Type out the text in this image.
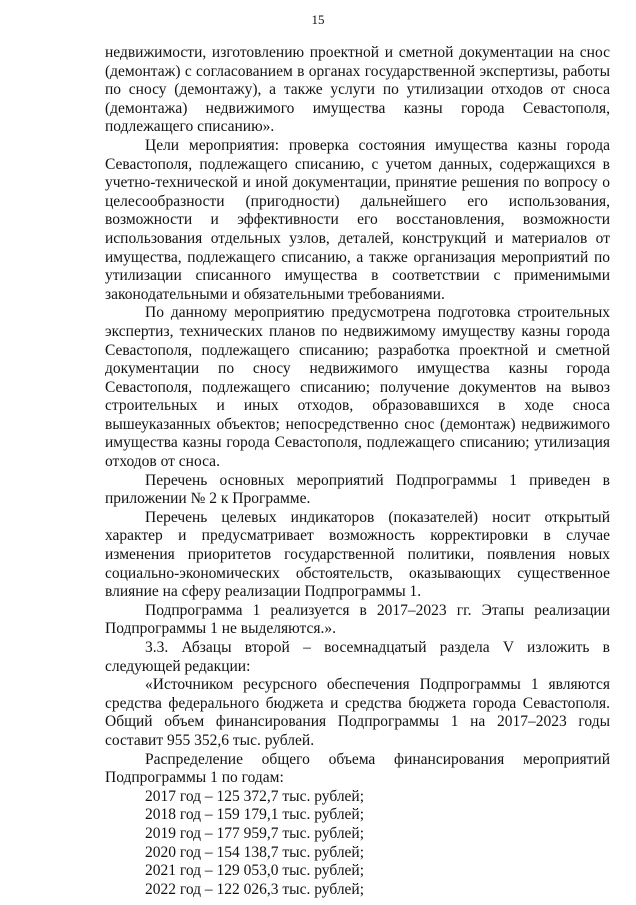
15

недвижимости, изготовлению проектной и сметной документации на снос (демонтаж) с согласованием в органах государственной экспертизы, работы по сносу (демонтажу), а также услуги по утилизации отходов от сноса (демонтажа) недвижимого имущества казны города Севастополя, подлежащего списанию».

Цели мероприятия: проверка состояния имущества казны города Севастополя, подлежащего списанию, с учетом данных, содержащихся в учетно-технической и иной документации, принятие решения по вопросу о целесообразности (пригодности) дальнейшего его использования, возможности и эффективности его восстановления, возможности использования отдельных узлов, деталей, конструкций и материалов от имущества, подлежащего списанию, а также организация мероприятий по утилизации списанного имущества в соответствии с применимыми законодательными и обязательными требованиями.

По данному мероприятию предусмотрена подготовка строительных экспертиз, технических планов по недвижимому имуществу казны города Севастополя, подлежащего списанию; разработка проектной и сметной документации по сносу недвижимого имущества казны города Севастополя, подлежащего списанию; получение документов на вывоз строительных и иных отходов, образовавшихся в ходе сноса вышеуказанных объектов; непосредственно снос (демонтаж) недвижимого имущества казны города Севастополя, подлежащего списанию; утилизация отходов от сноса.

Перечень основных мероприятий Подпрограммы 1 приведен в приложении № 2 к Программе.

Перечень целевых индикаторов (показателей) носит открытый характер и предусматривает возможность корректировки в случае изменения приоритетов государственной политики, появления новых социально-экономических обстоятельств, оказывающих существенное влияние на сферу реализации Подпрограммы 1.

Подпрограмма 1 реализуется в 2017–2023 гг. Этапы реализации Подпрограммы 1 не выделяются.».

3.3. Абзацы второй – восемнадцатый раздела V изложить в следующей редакции:

«Источником ресурсного обеспечения Подпрограммы 1 являются средства федерального бюджета и средства бюджета города Севастополя. Общий объем финансирования Подпрограммы 1 на 2017–2023 годы составит 955 352,6 тыс. рублей.

Распределение общего объема финансирования мероприятий Подпрограммы 1 по годам:

2017 год – 125 372,7 тыс. рублей;
2018 год – 159 179,1 тыс. рублей;
2019 год – 177 959,7 тыс. рублей;
2020 год – 154 138,7 тыс. рублей;
2021 год – 129 053,0 тыс. рублей;
2022 год – 122 026,3 тыс. рублей;
